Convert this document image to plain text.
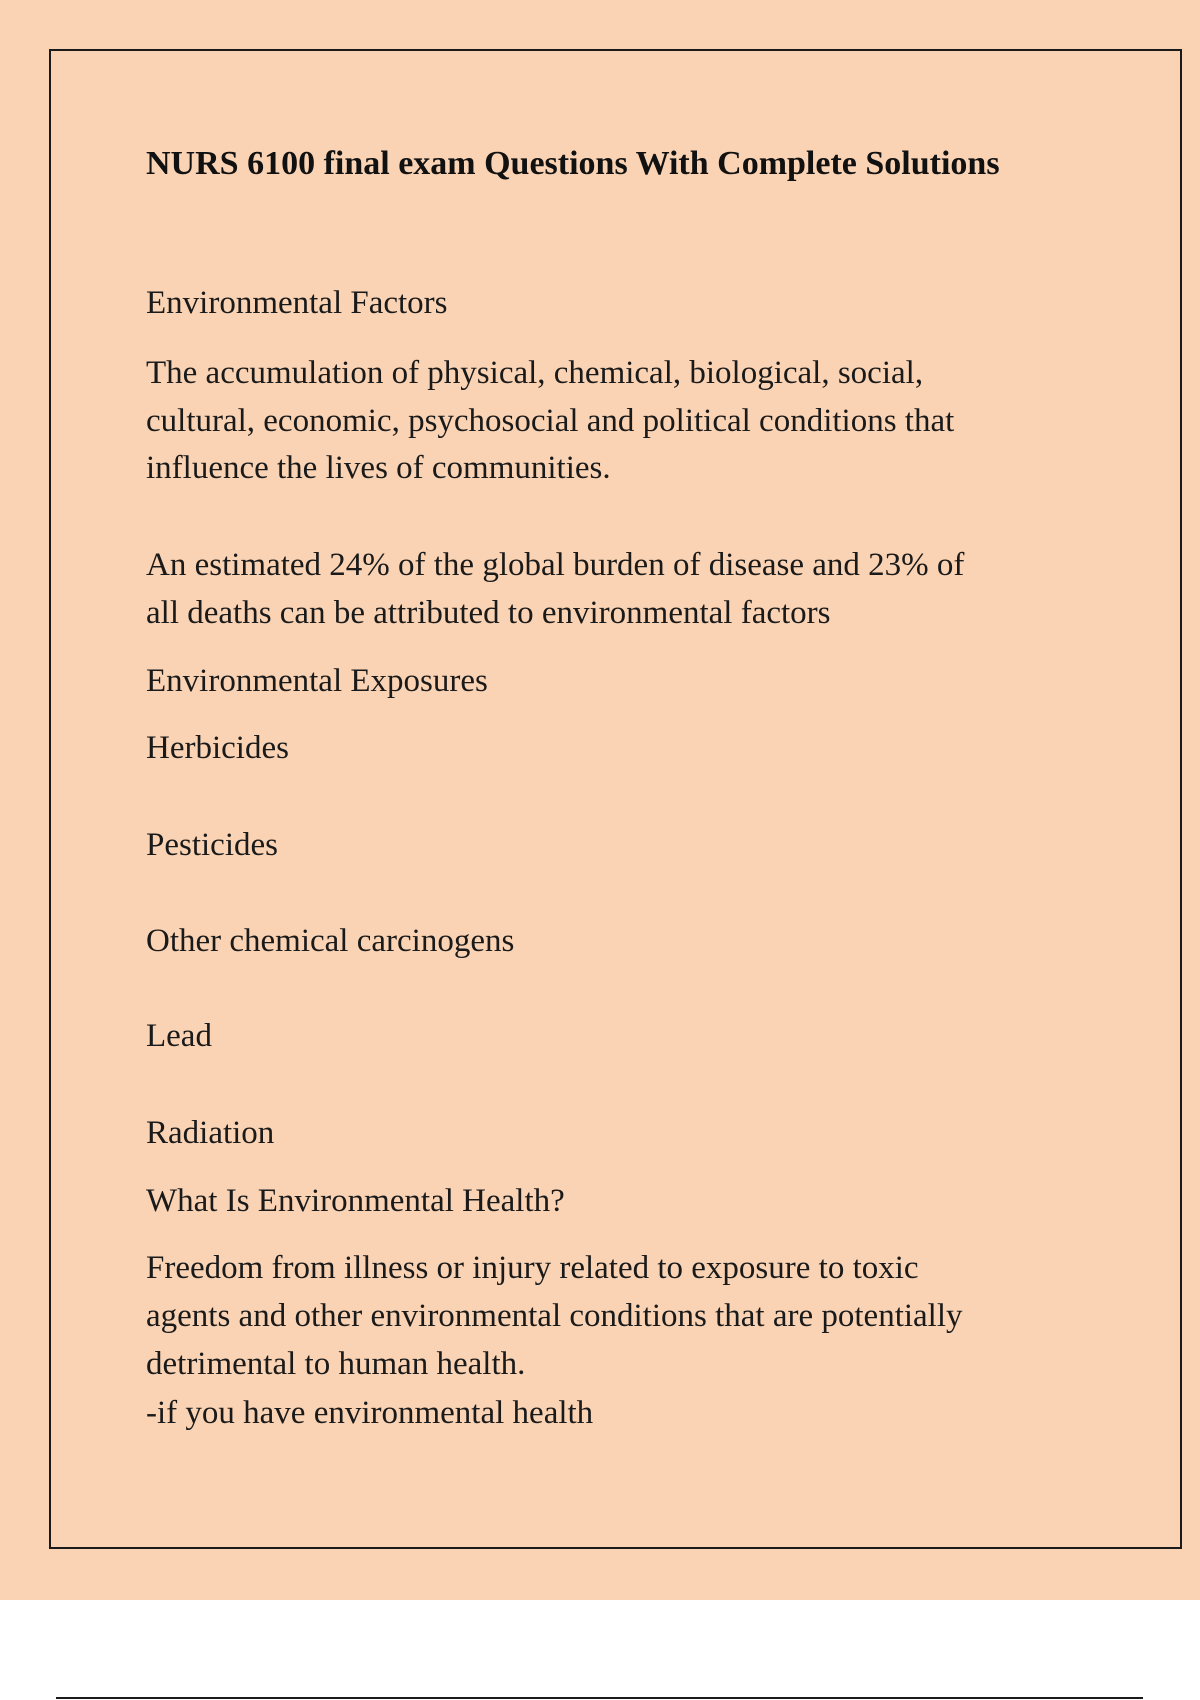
NURS 6100 final exam Questions With Complete Solutions
Environmental Factors
The accumulation of physical, chemical, biological, social,
cultural, economic, psychosocial and political conditions that
influence the lives of communities.
An estimated 24% of the global burden of disease and 23% of
all deaths can be attributed to environmental factors
Environmental Exposures
Herbicides
Pesticides
Other chemical carcinogens
Lead
Radiation
What Is Environmental Health?
Freedom from illness or injury related to exposure to toxic
agents and other environmental conditions that are potentially
detrimental to human health.
-if you have environmental health
